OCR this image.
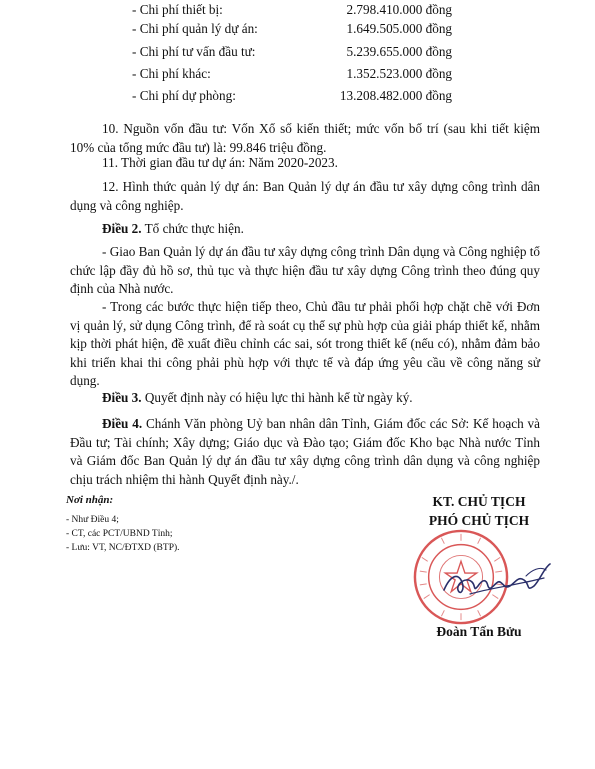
- Chi phí thiết bị:	2.798.410.000 đồng
- Chi phí quản lý dự án:	1.649.505.000 đồng
- Chi phí tư vấn đầu tư:	5.239.655.000 đồng
- Chi phí khác:	1.352.523.000 đồng
- Chi phí dự phòng:	13.208.482.000 đồng
10. Nguồn vốn đầu tư: Vốn Xổ số kiến thiết; mức vốn bố trí (sau khi tiết kiệm 10% của tổng mức đầu tư) là: 99.846 triệu đồng.
11. Thời gian đầu tư dự án: Năm 2020-2023.
12. Hình thức quản lý dự án: Ban Quản lý dự án đầu tư xây dựng công trình dân dụng và công nghiệp.
Điều 2. Tổ chức thực hiện.
- Giao Ban Quản lý dự án đầu tư xây dựng công trình Dân dụng và Công nghiệp tổ chức lập đầy đủ hồ sơ, thủ tục và thực hiện đầu tư xây dựng Công trình theo đúng quy định của Nhà nước.
- Trong các bước thực hiện tiếp theo, Chủ đầu tư phải phối hợp chặt chẽ với Đơn vị quản lý, sử dụng Công trình, để rà soát cụ thể sự phù hợp của giải pháp thiết kế, nhằm kịp thời phát hiện, đề xuất điều chỉnh các sai, sót trong thiết kế (nếu có), nhằm đảm bảo khi triển khai thi công phải phù hợp với thực tế và đáp ứng yêu cầu về công năng sử dụng.
Điều 3. Quyết định này có hiệu lực thi hành kể từ ngày ký.
Điều 4. Chánh Văn phòng Uỷ ban nhân dân Tỉnh, Giám đốc các Sở: Kế hoạch và Đầu tư; Tài chính; Xây dựng; Giáo dục và Đào tạo; Giám đốc Kho bạc Nhà nước Tỉnh và Giám đốc Ban Quản lý dự án đầu tư xây dựng công trình dân dụng và công nghiệp chịu trách nhiệm thi hành Quyết định này./.
Nơi nhận:
- Như Điều 4;
- CT, các PCT/UBND Tỉnh;
- Lưu: VT, NC/ĐTXD (BTP).
KT. CHỦ TỊCH
PHÓ CHỦ TỊCH
Đoàn Tấn Bửu
